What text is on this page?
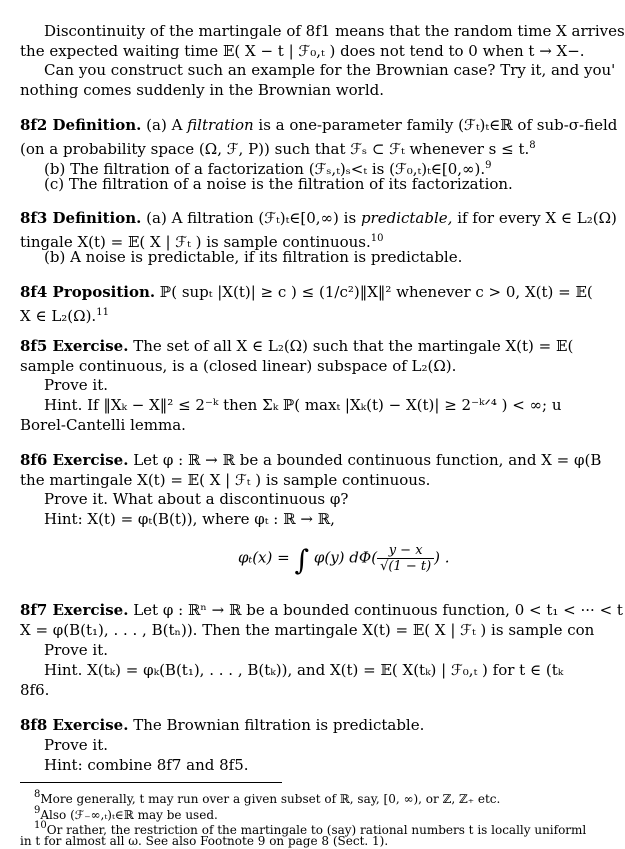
Discontinuity of the martingale of 8f1 means that the random time X arrives
the expected waiting time 𝔼( X − t | ℱ₀,ₜ ) does not tend to 0 when t → X−.
Can you construct such an example for the Brownian case? Try it, and you'
nothing comes suddenly in the Brownian world.
8f2 Definition. (a) A filtration is a one-parameter family (ℱₜ)ₜ∈ℝ of sub-σ-field
(on a probability space (Ω, ℱ, P)) such that ℱₛ ⊂ ℱₜ whenever s ≤ t.$^8$
(b) The filtration of a factorization (ℱₛ,ₜ)ₛ<ₜ is (ℱ₀,ₜ)ₜ∈[0,∞).$^9$
(c) The filtration of a noise is the filtration of its factorization.
8f3 Definition. (a) A filtration (ℱₜ)ₜ∈[0,∞) is predictable, if for every X ∈ L₂(Ω)
tingale X(t) = 𝔼( X | ℱₜ ) is sample continuous.$^{10}$
(b) A noise is predictable, if its filtration is predictable.
8f4 Proposition. ℙ( supₜ |X(t)| ≥ c ) ≤ (1/c²)‖X‖² whenever c > 0, X(t) = 𝔼(
X ∈ L₂(Ω).$^{11}$
8f5 Exercise. The set of all X ∈ L₂(Ω) such that the martingale X(t) = 𝔼(
sample continuous, is a (closed linear) subspace of L₂(Ω).
Prove it.
Hint. If ‖Xₖ − X‖² ≤ 2⁻ᵏ then Σₖ ℙ( maxₜ |Xₖ(t) − X(t)| ≥ 2⁻ᵏᐟ⁴ ) < ∞; u
Borel-Cantelli lemma.
8f6 Exercise. Let φ : ℝ → ℝ be a bounded continuous function, and X = φ(B
the martingale X(t) = 𝔼( X | ℱₜ ) is sample continuous.
Prove it. What about a discontinuous φ?
Hint: X(t) = φₜ(B(t)), where φₜ : ℝ → ℝ,
φₜ(x) = ∫ φ(y) $d\Phi( \frac{y - x}{√(1 - t)}$ ) .
8f7 Exercise. Let φ : ℝⁿ → ℝ be a bounded continuous function, 0 < t₁ < ··· < t
X = φ(B(t₁), . . . , B(tₙ)). Then the martingale X(t) = 𝔼( X | ℱₜ ) is sample con
Prove it.
Hint. X(tₖ) = φₖ(B(t₁), . . . , B(tₖ)), and X(t) = 𝔼( X(tₖ) | ℱ₀,ₜ ) for t ∈ (tₖ
8f6.
8f8 Exercise. The Brownian filtration is predictable.
Prove it.
Hint: combine 8f7 and 8f5.
$^8$More generally, t may run over a given subset of ℝ, say, [0, ∞), or ℤ, ℤ₊ etc.
$^9$Also (ℱ₋∞,ₜ)ₜ∈ℝ may be used.
$^{10}$Or rather, the restriction of the martingale to (say) rational numbers t is locally uniforml
in t for almost all ω. See also Footnote 9 on page 8 (Sect. 1).
